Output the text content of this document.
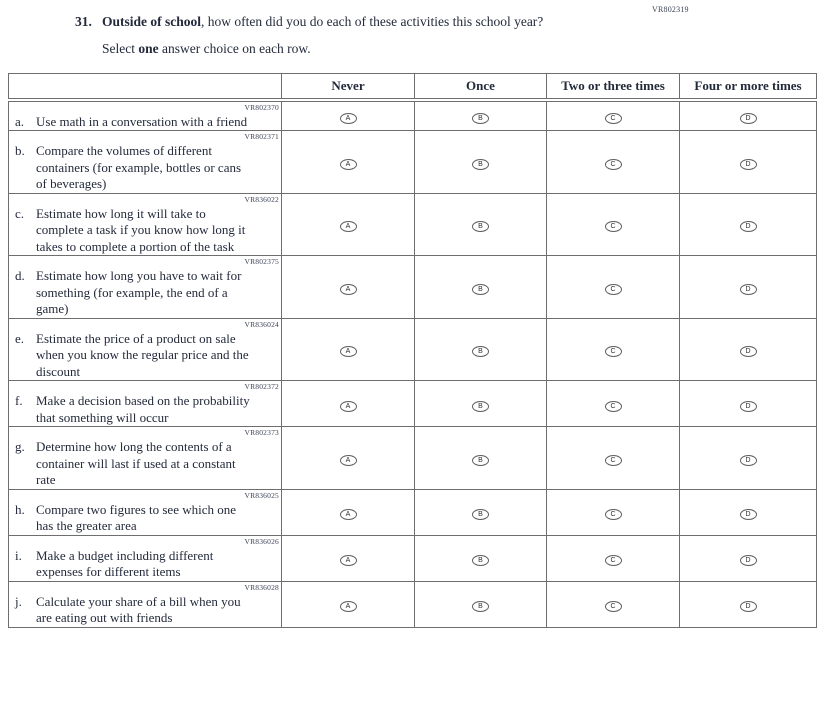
VR802319
31. Outside of school, how often did you do each of these activities this school year?
Select one answer choice on each row.
	Never	Once	Two or three times	Four or more times

VR802370
a. Use math in a conversation with a friend	A	B	C	D

VR802371
b. Compare the volumes of different containers (for example, bottles or cans of beverages)	A	B	C	D

VR836022
c. Estimate how long it will take to complete a task if you know how long it takes to complete a portion of the task	A	B	C	D

VR802375
d. Estimate how long you have to wait for something (for example, the end of a game)	A	B	C	D

VR836024
e. Estimate the price of a product on sale when you know the regular price and the discount	A	B	C	D

VR802372
f. Make a decision based on the probability that something will occur	A	B	C	D

VR802373
g. Determine how long the contents of a container will last if used at a constant rate	A	B	C	D

VR836025
h. Compare two figures to see which one has the greater area	A	B	C	D

VR836026
i. Make a budget including different expenses for different items	A	B	C	D

VR836028
j. Calculate your share of a bill when you are eating out with friends	A	B	C	D
